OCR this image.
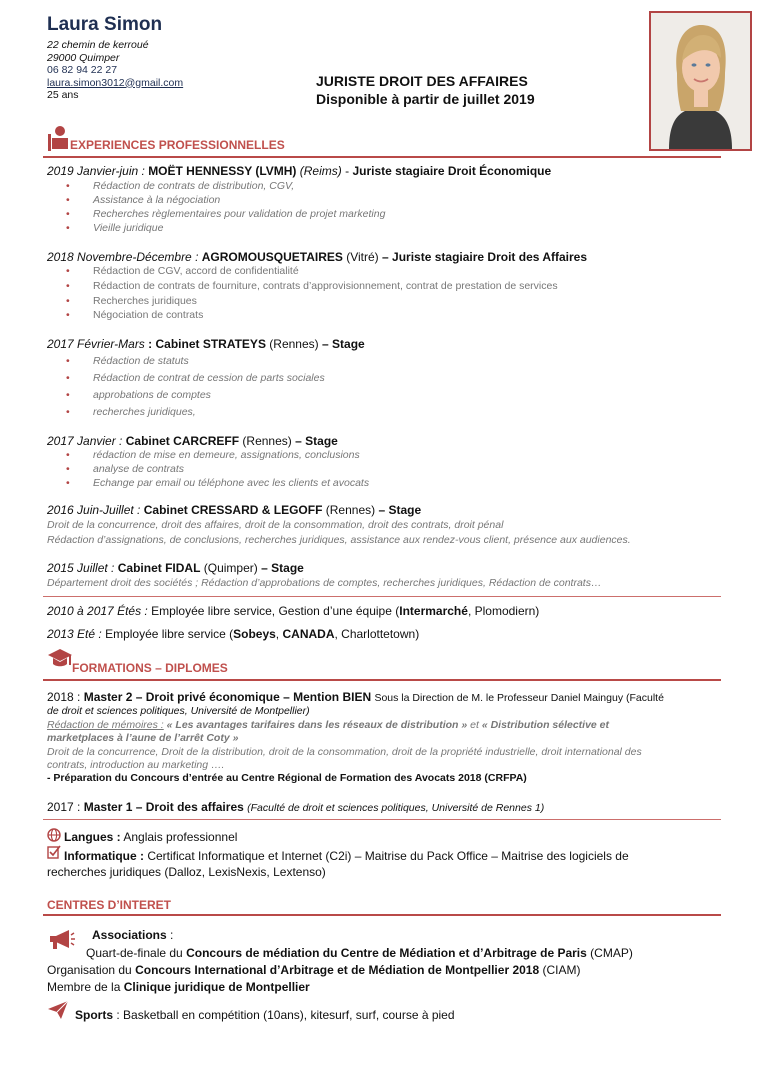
Laura Simon
22 chemin de kerroué
29000 Quimper
06 82 94 22 27
laura.simon3012@gmail.com
25 ans
JURISTE DROIT DES AFFAIRES
Disponible à partir de juillet 2019
EXPERIENCES PROFESSIONNELLES
2019 Janvier-juin : MOËT HENNESSY (LVMH) (Reims) - Juriste stagiaire Droit Économique
• Rédaction de contrats de distribution, CGV,
• Assistance à la négociation
• Recherches règlementaires pour validation de projet marketing
• Vieille juridique
2018 Novembre-Décembre : AGROMOUSQUETAIRES (Vitré) – Juriste stagiaire Droit des Affaires
• Rédaction de CGV, accord de confidentialité
• Rédaction de contrats de fourniture, contrats d’approvisionnement, contrat de prestation de services
• Recherches juridiques
• Négociation de contrats
2017 Février-Mars : Cabinet STRATEYS (Rennes) – Stage
• Rédaction de statuts
• Rédaction de contrat de cession de parts sociales
• approbations de comptes
• recherches juridiques,
2017 Janvier : Cabinet CARCREFF (Rennes) – Stage
• rédaction de mise en demeure, assignations, conclusions
• analyse de contrats
• Echange par email ou téléphone avec les clients et avocats
2016 Juin-Juillet : Cabinet CRESSARD & LEGOFF (Rennes) – Stage
Droit de la concurrence, droit des affaires, droit de la consommation, droit des contrats, droit pénal
Rédaction d’assignations, de conclusions, recherches juridiques, assistance aux rendez-vous client, présence aux audiences.
2015 Juillet : Cabinet FIDAL (Quimper) – Stage
Département droit des sociétés ; Rédaction d’approbations de comptes, recherches juridiques, Rédaction de contrats…
2010 à 2017 Étés : Employée libre service, Gestion d’une équipe (Intermarché, Plomodiern)
2013 Eté : Employée libre service (Sobeys, CANADA, Charlottetown)
FORMATIONS – DIPLOMES
2018 : Master 2 – Droit privé économique – Mention BIEN Sous la Direction de M. le Professeur Daniel Mainguy (Faculté
de droit et sciences politiques, Université de Montpellier)
Rédaction de mémoires : « Les avantages tarifaires dans les réseaux de distribution » et « Distribution sélective et
marketplaces à l’aune de l’arrêt Coty »
Droit de la concurrence, Droit de la distribution, droit de la consommation, droit de la propriété industrielle, droit international des
contrats, introduction au marketing ….
- Préparation du Concours d’entrée au Centre Régional de Formation des Avocats 2018 (CRFPA)
2017 : Master 1 – Droit des affaires (Faculté de droit et sciences politiques, Université de Rennes 1)
Langues : Anglais professionnel
Informatique : Certificat Informatique et Internet (C2i) – Maitrise du Pack Office – Maitrise des logiciels de
recherches juridiques (Dalloz, LexisNexis, Lextenso)
CENTRES D’INTERET
Associations :
Quart-de-finale du Concours de médiation du Centre de Médiation et d’Arbitrage de Paris (CMAP)
Organisation du Concours International d’Arbitrage et de Médiation de Montpellier 2018 (CIAM)
Membre de la Clinique juridique de Montpellier
Sports : Basketball en compétition (10ans), kitesurf, surf, course à pied
